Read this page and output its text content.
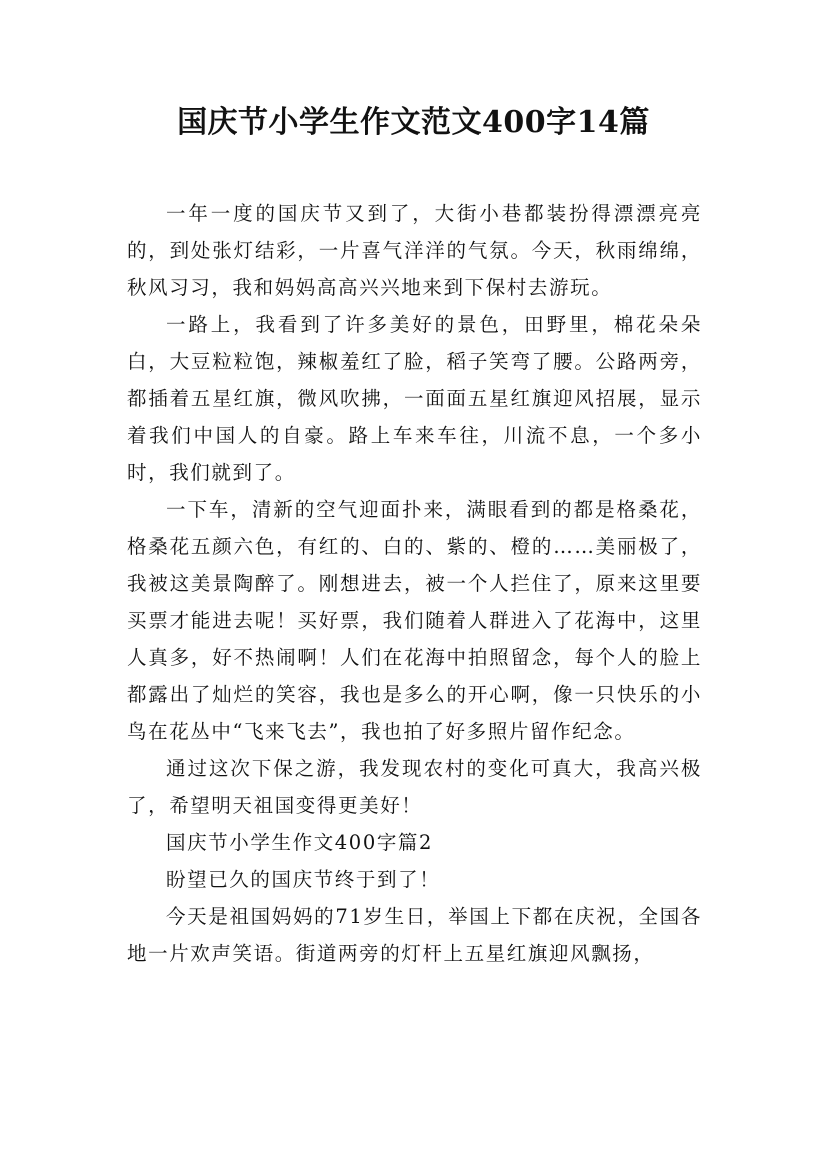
国庆节小学生作文范文400字14篇

一年一度的国庆节又到了，大街小巷都装扮得漂漂亮亮的，到处张灯结彩，一片喜气洋洋的气氛。今天，秋雨绵绵，秋风习习，我和妈妈高高兴兴地来到下保村去游玩。

一路上，我看到了许多美好的景色，田野里，棉花朵朵白，大豆粒粒饱，辣椒羞红了脸，稻子笑弯了腰。公路两旁，都插着五星红旗，微风吹拂，一面面五星红旗迎风招展，显示着我们中国人的自豪。路上车来车往，川流不息，一个多小时，我们就到了。

一下车，清新的空气迎面扑来，满眼看到的都是格桑花，格桑花五颜六色，有红的、白的、紫的、橙的……美丽极了，我被这美景陶醉了。刚想进去，被一个人拦住了，原来这里要买票才能进去呢！买好票，我们随着人群进入了花海中，这里人真多，好不热闹啊！人们在花海中拍照留念，每个人的脸上都露出了灿烂的笑容，我也是多么的开心啊，像一只快乐的小鸟在花丛中“飞来飞去”，我也拍了好多照片留作纪念。

通过这次下保之游，我发现农村的变化可真大，我高兴极了，希望明天祖国变得更美好！

国庆节小学生作文400字篇2

盼望已久的国庆节终于到了！

今天是祖国妈妈的71岁生日，举国上下都在庆祝，全国各地一片欢声笑语。街道两旁的灯杆上五星红旗迎风飘扬，
